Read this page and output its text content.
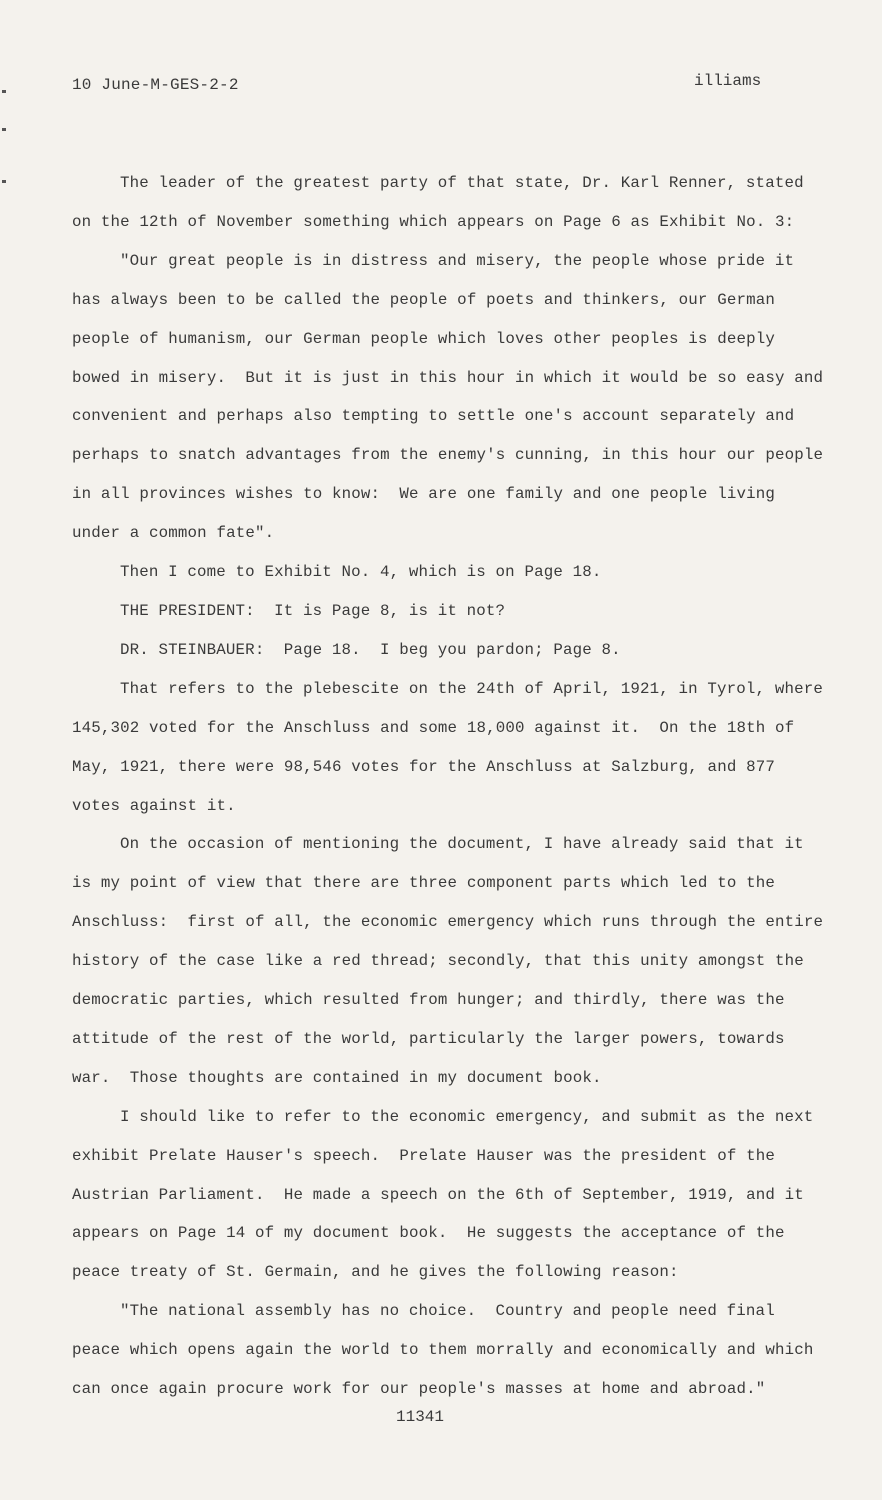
10 June-M-GES-2-2	illiams

The leader of the greatest party of that state, Dr. Karl Renner, stated on the 12th of November something which appears on Page 6 as Exhibit No. 3:

"Our great people is in distress and misery, the people whose pride it has always been to be called the people of poets and thinkers, our German people of humanism, our German people which loves other peoples is deeply bowed in misery.  But it is just in this hour in which it would be so easy and convenient and perhaps also tempting to settle one's account separately and perhaps to snatch advantages from the enemy's cunning, in this hour our people in all provinces wishes to know:  We are one family and one people living under a common fate".

Then I come to Exhibit No. 4, which is on Page 18.

THE PRESIDENT:  It is Page 8, is it not?

DR. STEINBAUER:  Page 18.  I beg you pardon; Page 8.

That refers to the plebescite on the 24th of April, 1921, in Tyrol, where 145,302 voted for the Anschluss and some 18,000 against it.  On the 18th of May, 1921, there were 98,546 votes for the Anschluss at Salzburg, and 877 votes against it.

On the occasion of mentioning the document, I have already said that it is my point of view that there are three component parts which led to the Anschluss:  first of all, the economic emergency which runs through the entire history of the case like a red thread; secondly, that this unity amongst the democratic parties, which resulted from hunger; and thirdly, there was the attitude of the rest of the world, particularly the larger powers, towards war.  Those thoughts are contained in my document book.

I should like to refer to the economic emergency, and submit as the next exhibit Prelate Hauser's speech.  Prelate Hauser was the president of the Austrian Parliament.  He made a speech on the 6th of September, 1919, and it appears on Page 14 of my document book.  He suggests the acceptance of the peace treaty of St. Germain, and he gives the following reason:

"The national assembly has no choice.  Country and people need final peace which opens again the world to them morrally and economically and which can once again procure work for our people's masses at home and abroad."

11341
